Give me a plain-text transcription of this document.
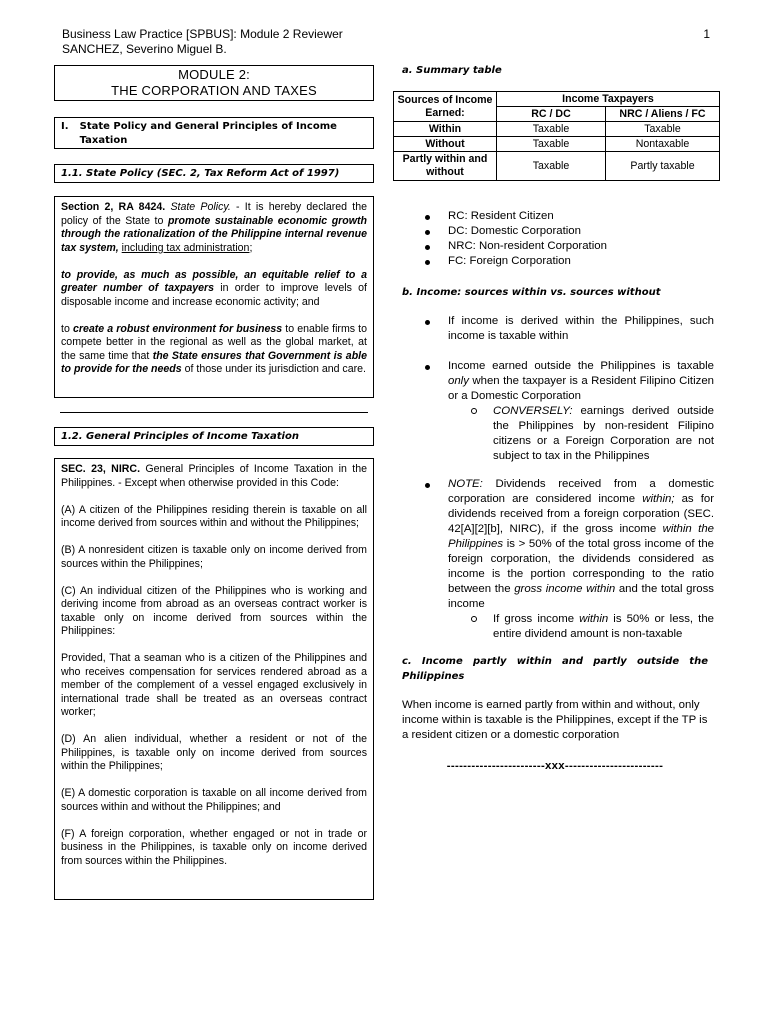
Business Law Practice [SPBUS]: Module 2 Reviewer
SANCHEZ, Severino Miguel B.
1
MODULE 2:
THE CORPORATION AND TAXES
I.	State Policy and General Principles of Income Taxation
1.1. State Policy (SEC. 2, Tax Reform Act of 1997)

Section 2, RA 8424. State Policy. - It is hereby declared the policy of the State to promote sustainable economic growth through the rationalization of the Philippine internal revenue tax system, including tax administration;

to provide, as much as possible, an equitable relief to a greater number of taxpayers in order to improve levels of disposable income and increase economic activity; and

to create a robust environment for business to enable firms to compete better in the regional as well as the global market, at the same time that the State ensures that Government is able to provide for the needs of those under its jurisdiction and care.

1.2. General Principles of Income Taxation

SEC. 23, NIRC. General Principles of Income Taxation in the Philippines. - Except when otherwise provided in this Code:

(A) A citizen of the Philippines residing therein is taxable on all income derived from sources within and without the Philippines;

(B) A nonresident citizen is taxable only on income derived from sources within the Philippines;

(C) An individual citizen of the Philippines who is working and deriving income from abroad as an overseas contract worker is taxable only on income derived from sources within the Philippines:

Provided, That a seaman who is a citizen of the Philippines and who receives compensation for services rendered abroad as a member of the complement of a vessel engaged exclusively in international trade shall be treated as an overseas contract worker;

(D) An alien individual, whether a resident or not of the Philippines, is taxable only on income derived from sources within the Philippines;

(E) A domestic corporation is taxable on all income derived from sources within and without the Philippines; and

(F) A foreign corporation, whether engaged or not in trade or business in the Philippines, is taxable only on income derived from sources within the Philippines.

a. Summary table
Sources of Income Earned:	Income Taxpayers	
	RC / DC	NRC / Aliens / FC
Within	Taxable	Taxable
Without	Taxable	Nontaxable
Partly within and without	Taxable	Partly taxable
RC: Resident Citizen
DC: Domestic Corporation
NRC: Non-resident Corporation
FC: Foreign Corporation
b. Income: sources within vs. sources without
If income is derived within the Philippines, such income is taxable within
Income earned outside the Philippines is taxable only when the taxpayer is a Resident Filipino Citizen or a Domestic Corporation
CONVERSELY: earnings derived outside the Philippines by non-resident Filipino citizens or a Foreign Corporation are not subject to tax in the Philippines
NOTE: Dividends received from a domestic corporation are considered income within; as for dividends received from a foreign corporation (SEC. 42[A][2][b], NIRC), if the gross income within the Philippines is > 50% of the total gross income of the foreign corporation, the dividends considered as income is the portion corresponding to the ratio between the gross income within and the total gross income
If gross income within is 50% or less, the entire dividend amount is non-taxable
c.  Income  partly  within  and  partly  outside  the
Philippines
When income is earned partly from within and without, only income within is taxable is the Philippines, except if the TP is a resident citizen or a domestic corporation
------------------------xxx------------------------
